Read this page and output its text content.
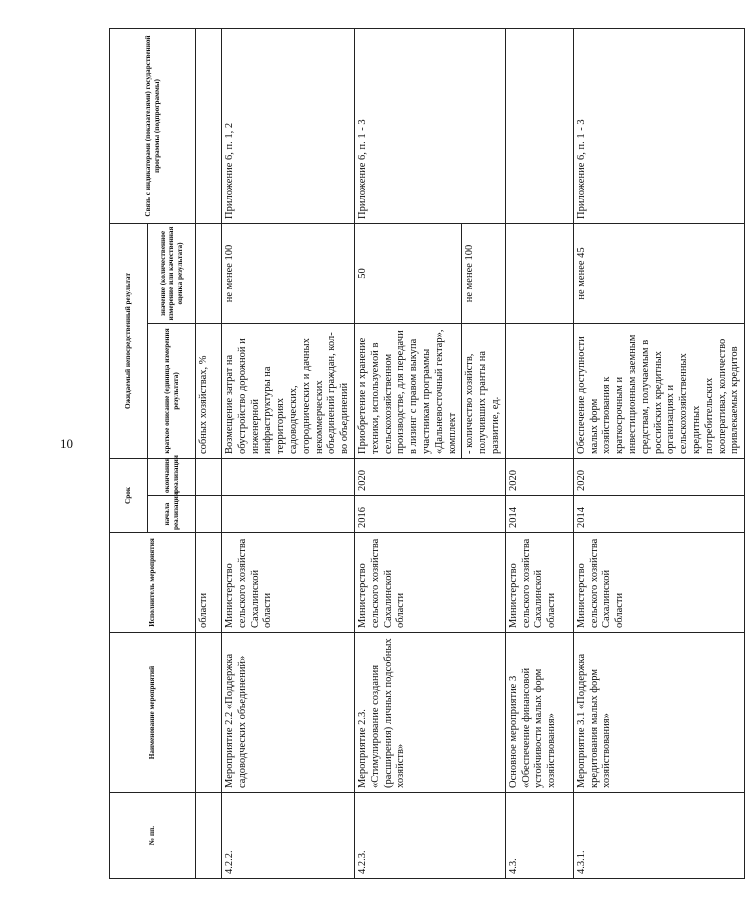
10
№ пп.	Наименование мероприятий	Исполнитель мероприятия	Срок		Ожидаемый непосредственный результат		Связь с индикаторами (показателями) государственной программы (подпрограммы)
			начала реализации	окончания реализации	краткое описание (единица измерения результата)	значение (количественное измерение или качественная оценка результата)	
		области			собных хозяйствах, %		
4.2.2.	Мероприятие 2.2 «Поддержка садоводческих объединений»	Министерство сельского хозяйства Сахалинской области			Возмещение затрат на обустройство дорожной и инженерной инфраструктуры на территориях садоводческих, огороднических и дачных некоммерческих объединений граждан, кол-во объединений	не менее 100	Приложение 6, п. 1, 2
4.2.3.	Мероприятие 2.3. «Стимулирование создания (расширения) личных подсобных хозяйств»	Министерство сельского хозяйства Сахалинской области	2016	2020	Приобретение и хранение техники, используемой в сельскохозяйственном производстве, для передачи в лизинг с правом выкупа участникам программы «Дальневосточный гектар», комплект	50	Приложение 6, п. 1 - 3
					- количество хозяйств, получивших гранты на развитие, ед.	не менее 100	
4.3.	Основное мероприятие 3 «Обеспечение финансовой устойчивости малых форм хозяйствования»	Министерство сельского хозяйства Сахалинской области	2014	2020			
4.3.1.	Мероприятие 3.1 «Поддержка кредитования малых форм хозяйствования»	Министерство сельского хозяйства Сахалинской области	2014	2020	Обеспечение доступности малых форм хозяйствования к краткосрочным и инвестиционным заемным средствам, получаемым в российских кредитных организациях и сельскохозяйственных кредитных потребительских кооперативах, количество привлекаемых кредитов	не менее 45	Приложение 6, п. 1 - 3
